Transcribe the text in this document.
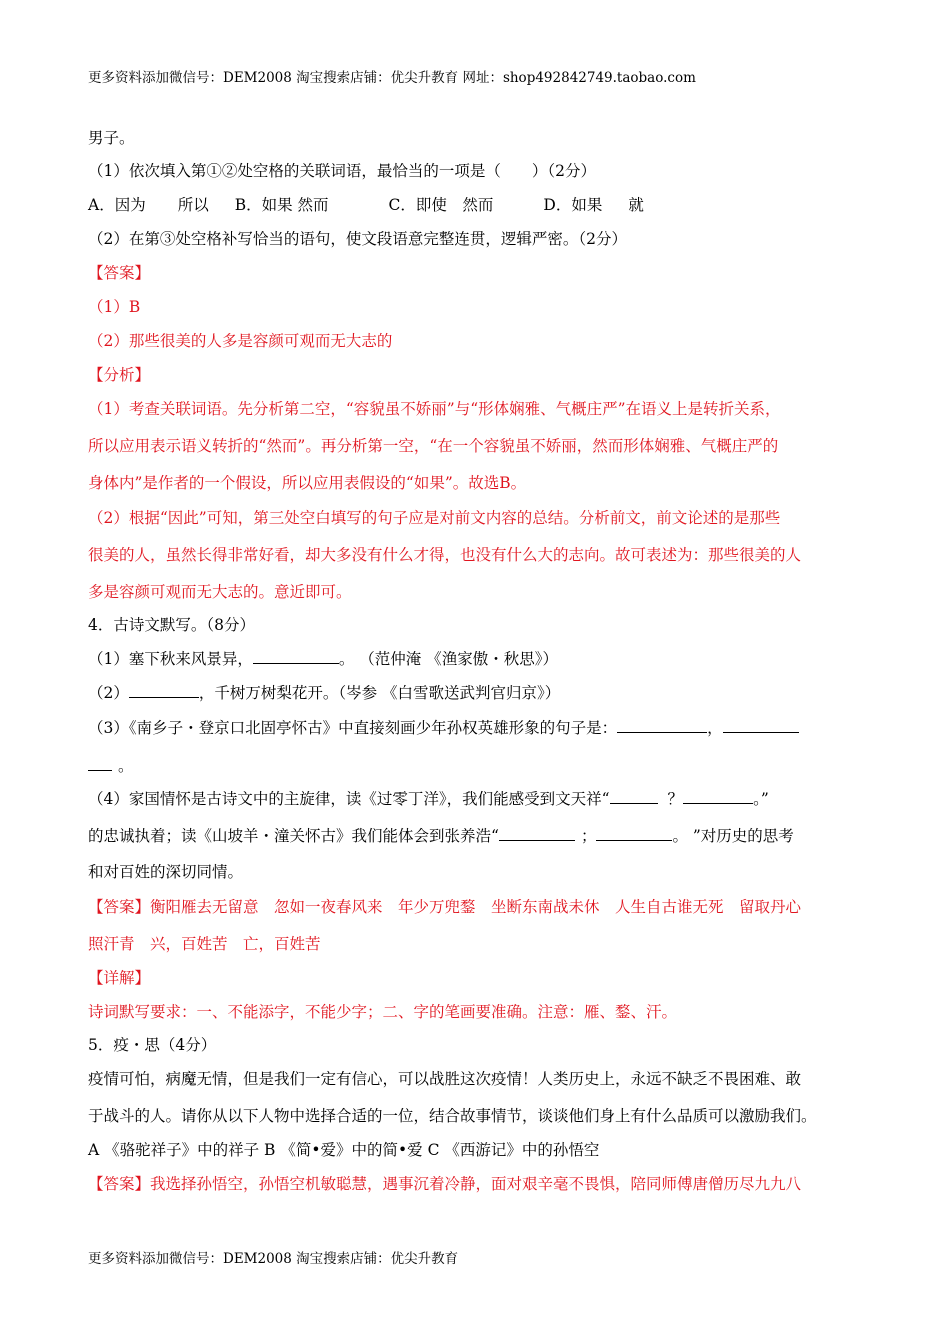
更多资料添加微信号：DEM2008 淘宝搜索店铺：优尖升教育 网址：shop492842749.taobao.com
男子。
（1）依次填入第①②处空格的关联词语，最恰当的一项是（　　）（2分）
A．因为 所以 B．如果 然而	C．即使　然而	D．如果 就
（2）在第③处空格补写恰当的语句，使文段语意完整连贯，逻辑严密。（2分）
【答案】
（1）B
（2）那些很美的人多是容颜可观而无大志的
【分析】
（1）考查关联词语。先分析第二空，“容貌虽不娇丽”与“形体娴雅、气概庄严”在语义上是转折关系，
所以应用表示语义转折的“然而”。再分析第一空，“在一个容貌虽不娇丽，然而形体娴雅、气概庄严的
身体内”是作者的一个假设，所以应用表假设的“如果”。故选B。
（2）根据“因此”可知，第三处空白填写的句子应是对前文内容的总结。分析前文，前文论述的是那些
很美的人，虽然长得非常好看，却大多没有什么才得，也没有什么大的志向。故可表述为：那些很美的人
多是容颜可观而无大志的。意近即可。
4．古诗文默写。（8分）
（1）塞下秋来风景异，	。 （范仲淹 《渔家傲・秋思》）
（2）	，千树万树梨花开。（岑参 《白雪歌送武判官归京》）
（3）《南乡子・登京口北固亭怀古》中直接刻画少年孙权英雄形象的句子是：	，
。
（4）家国情怀是古诗文中的主旋律，读《过零丁洋》，我们能感受到文天祥“	？	。”
的忠诚执着；读《山坡羊・潼关怀古》我们能体会到张养浩“	；	。 ”对历史的思考
和对百姓的深切同情。
【答案】衡阳雁去无留意　忽如一夜春风来　年少万兜鍪　坐断东南战未休　人生自古谁无死　留取丹心
照汗青　兴，百姓苦　亡，百姓苦
【详解】
诗词默写要求：一、不能添字，不能少字；二、字的笔画要准确。注意：雁、鍪、汗。
5．疫・思（4分）
疫情可怕，病魔无情，但是我们一定有信心，可以战胜这次疫情！人类历史上，永远不缺乏不畏困难、敢
于战斗的人。请你从以下人物中选择合适的一位，结合故事情节，谈谈他们身上有什么品质可以激励我们。
A 《骆驼祥子》中的祥子 B 《简•爱》中的简•爱 C 《西游记》中的孙悟空
【答案】我选择孙悟空，孙悟空机敏聪慧，遇事沉着冷静，面对艰辛毫不畏惧，陪同师傅唐僧历尽九九八
更多资料添加微信号：DEM2008 淘宝搜索店铺：优尖升教育
